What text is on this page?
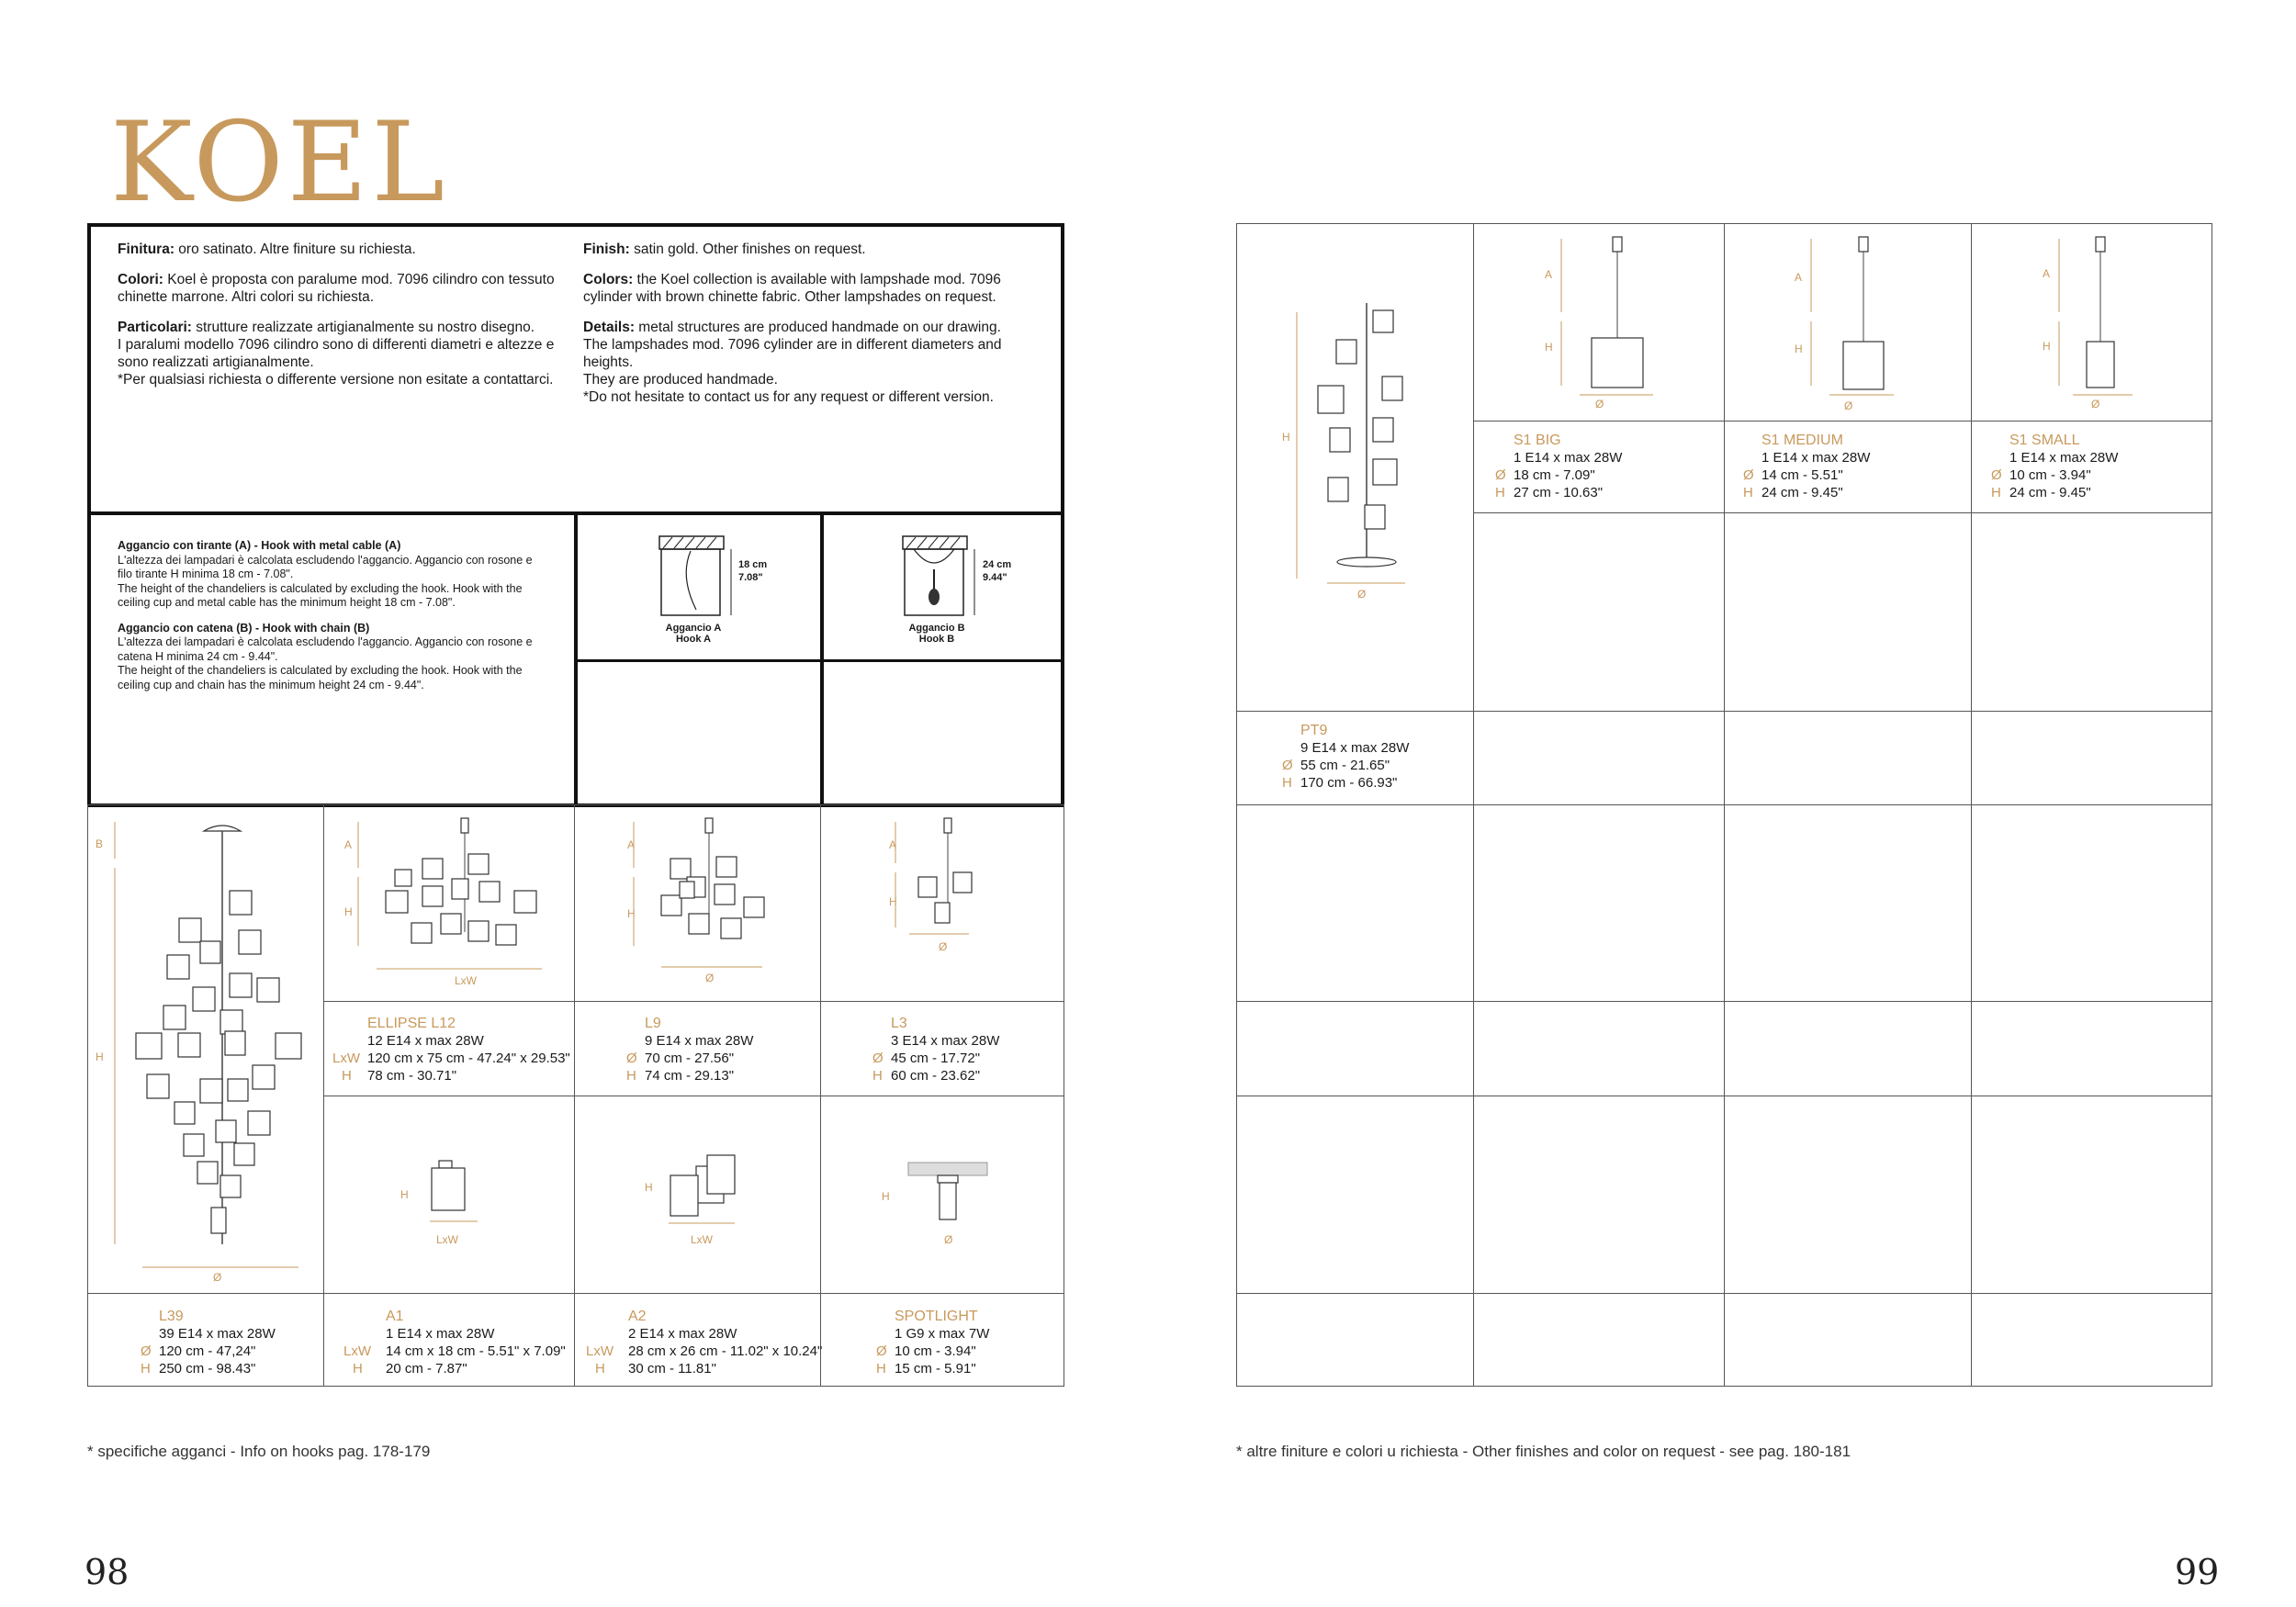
KOEL

Finitura: oro satinato. Altre finiture su richiesta.

Colori: Koel è proposta con paralume mod. 7096 cilindro con tessuto chinette marrone. Altri colori su richiesta.

Particolari: strutture realizzate artigianalmente su nostro disegno.
I paralumi modello 7096 cilindro sono di differenti diametri e altezze e sono realizzati artigianalmente.
*Per qualsiasi richiesta o differente versione non esitate a contattarci.

Finish: satin gold. Other finishes on request.

Colors: the Koel collection is available with lampshade mod. 7096 cylinder with brown chinette fabric. Other lampshades on request.

Details: metal structures are produced handmade on our drawing.
The lampshades mod. 7096 cylinder are in different diameters and heights.
They are produced handmade.
*Do not hesitate to contact us for any request or different version.

Aggancio con tirante (A) - Hook with metal cable (A)
L'altezza dei lampadari è calcolata escludendo l'aggancio. Aggancio con rosone e filo tirante H minima 18 cm - 7.08".
The height of the chandeliers is calculated by excluding the hook. Hook with the ceiling cup and metal cable has the minimum height 18 cm - 7.08".

Aggancio con catena (B) - Hook with chain (B)
L'altezza dei lampadari è calcolata escludendo l'aggancio. Aggancio con rosone e catena H minima 24 cm - 9.44".
The height of the chandeliers is calculated by excluding the hook. Hook with the ceiling cup and chain has the minimum height 24 cm - 9.44".

18 cm
7.08"
Aggancio A
Hook A
24 cm
9.44"
Aggancio B
Hook B
B
H
Ø
A
H
LxW
A
H
Ø
A
H
Ø
H
LxW
H
LxW
H
Ø
ELLIPSE L12
12 E14 x max 28W
LxW 120 cm x 75 cm - 47.24" x 29.53"
H	78 cm - 30.71"
L9
9 E14 x max 28W
Ø 70 cm - 27.56"
H 74 cm - 29.13"
L3
3 E14 x max 28W
Ø 45 cm - 17.72"
H 60 cm - 23.62"
L39
39 E14 x max 28W
Ø 120 cm - 47,24"
H 250 cm - 98.43"
A1
1 E14 x max 28W
LxW	14 cm x 18 cm - 5.51" x 7.09"
H	20 cm - 7.87"
A2
2 E14 x max 28W
LxW	28 cm x 26 cm - 11.02" x 10.24"
H	30 cm - 11.81"
SPOTLIGHT
1 G9 x max 7W
Ø 10 cm - 3.94"
H 15 cm - 5.91"
* specifiche agganci - Info on hooks pag. 178-179
98
H
Ø
A
H
Ø
A
H
Ø
A
H
Ø
S1 BIG
1 E14 x max 28W
Ø 18 cm - 7.09"
H 27 cm - 10.63"
S1 MEDIUM
1 E14 x max 28W
Ø 14 cm - 5.51"
H 24 cm - 9.45"
S1 SMALL
1 E14 x max 28W
Ø 10 cm - 3.94"
H 24 cm - 9.45"
PT9
9 E14 x max 28W
Ø 55 cm - 21.65"
H 170 cm - 66.93"
* altre finiture e colori u richiesta - Other finishes and color on request - see pag. 180-181
99
